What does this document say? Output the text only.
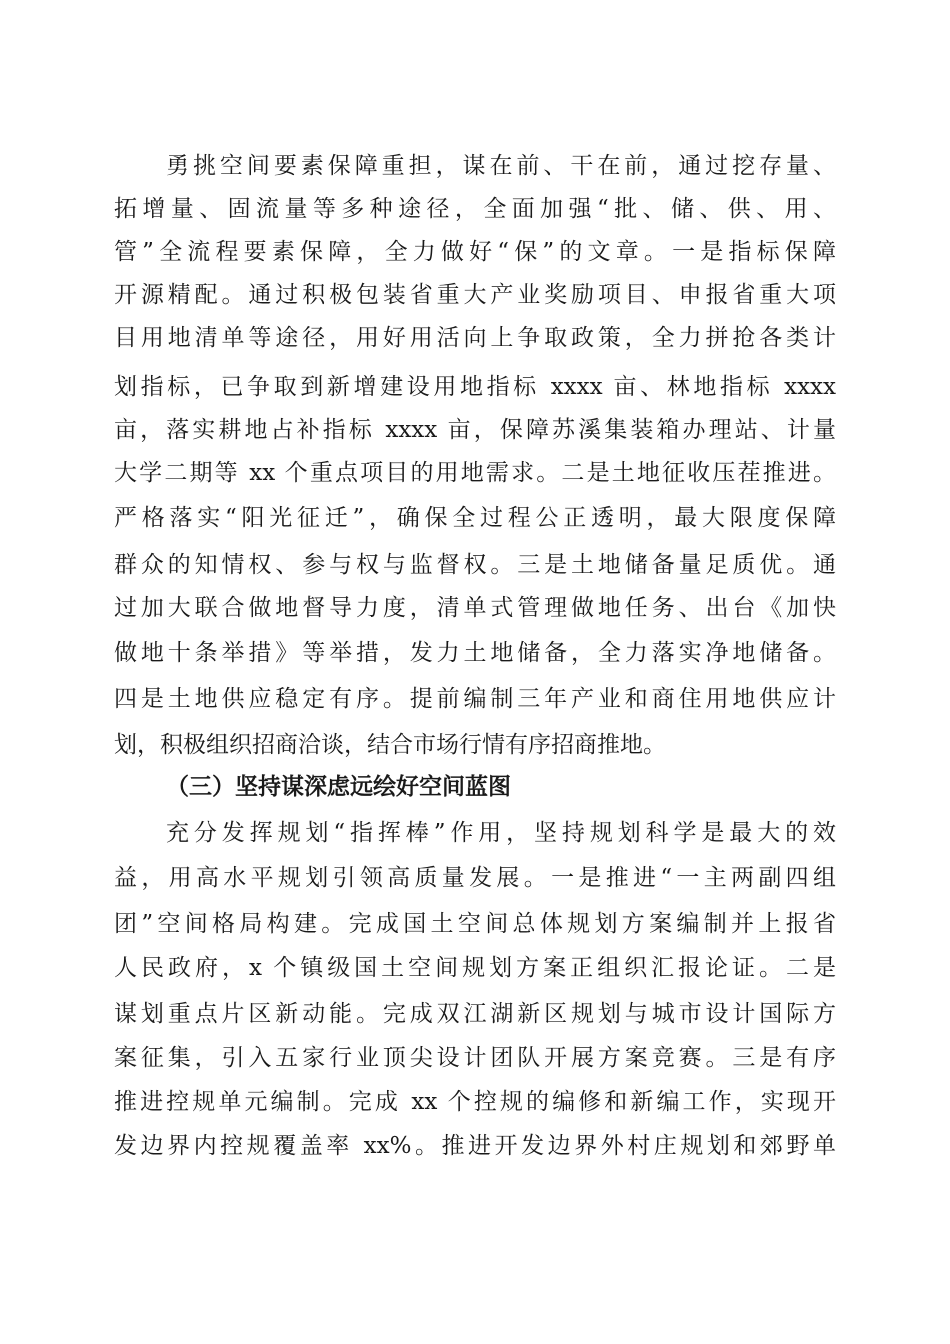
勇挑空间要素保障重担，谋在前、干在前，通过挖存量、
拓增量、固流量等多种途径，全面加强“批、储、供、用、
管”全流程要素保障，全力做好“保”的文章。一是指标保障
开源精配。通过积极包装省重大产业奖励项目、申报省重大项
目用地清单等途径，用好用活向上争取政策，全力拼抢各类计
划指标，已争取到新增建设用地指标 xxxx 亩、林地指标 xxxx
亩，落实耕地占补指标 xxxx 亩，保障苏溪集装箱办理站、计量
大学二期等 xx 个重点项目的用地需求。二是土地征收压茬推进。
严格落实“阳光征迁”，确保全过程公正透明，最大限度保障
群众的知情权、参与权与监督权。三是土地储备量足质优。通
过加大联合做地督导力度，清单式管理做地任务、出台《加快
做地十条举措》等举措，发力土地储备，全力落实净地储备。
四是土地供应稳定有序。提前编制三年产业和商住用地供应计
划，积极组织招商洽谈，结合市场行情有序招商推地。
（三）坚持谋深虑远绘好空间蓝图
充分发挥规划“指挥棒”作用，坚持规划科学是最大的效
益，用高水平规划引领高质量发展。一是推进“一主两副四组
团”空间格局构建。完成国土空间总体规划方案编制并上报省
人民政府，x 个镇级国土空间规划方案正组织汇报论证。二是
谋划重点片区新动能。完成双江湖新区规划与城市设计国际方
案征集，引入五家行业顶尖设计团队开展方案竞赛。三是有序
推进控规单元编制。完成 xx 个控规的编修和新编工作，实现开
发边界内控规覆盖率 xx%。推进开发边界外村庄规划和郊野单
